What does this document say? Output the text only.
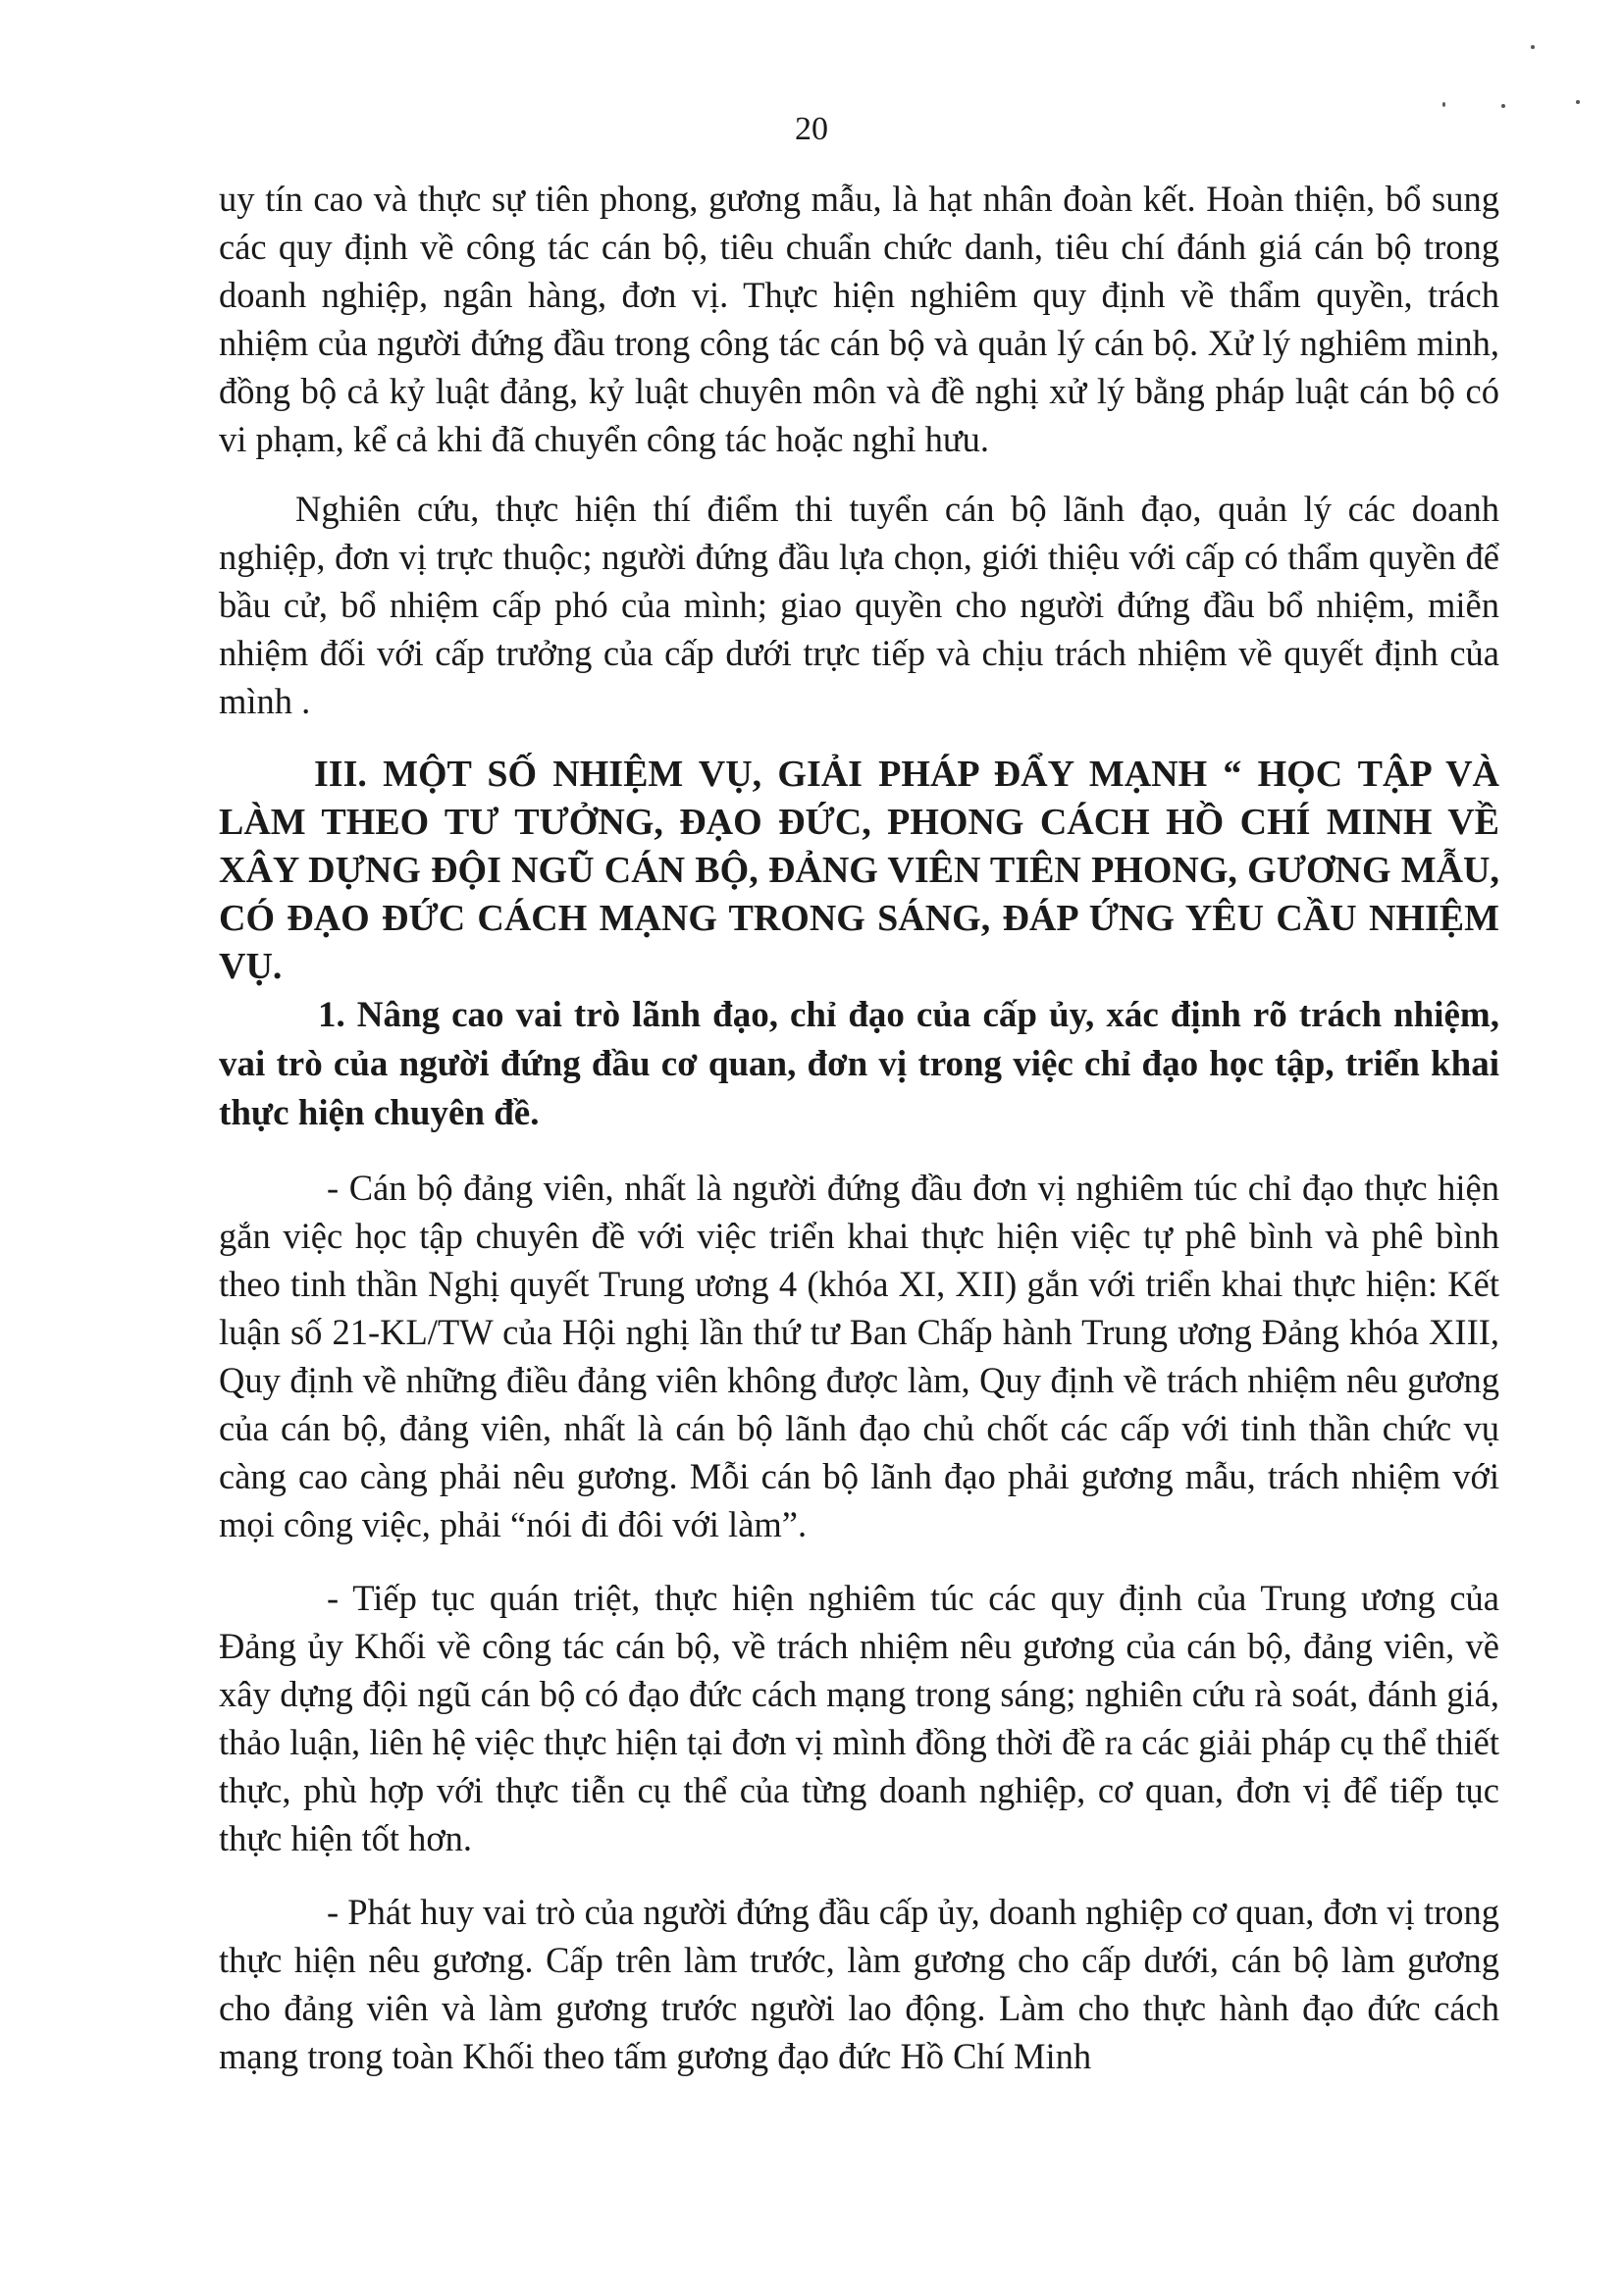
20

uy tín cao và thực sự tiên phong, gương mẫu, là hạt nhân đoàn kết. Hoàn thiện, bổ sung các quy định về công tác cán bộ, tiêu chuẩn chức danh, tiêu chí đánh giá cán bộ trong doanh nghiệp, ngân hàng, đơn vị. Thực hiện nghiêm quy định về thẩm quyền, trách nhiệm của người đứng đầu trong công tác cán bộ và quản lý cán bộ. Xử lý nghiêm minh, đồng bộ cả kỷ luật đảng, kỷ luật chuyên môn và đề nghị xử lý bằng pháp luật cán bộ có vi phạm, kể cả khi đã chuyển công tác hoặc nghỉ hưu.

Nghiên cứu, thực hiện thí điểm thi tuyển cán bộ lãnh đạo, quản lý các doanh nghiệp, đơn vị trực thuộc; người đứng đầu lựa chọn, giới thiệu với cấp có thẩm quyền để bầu cử, bổ nhiệm cấp phó của mình; giao quyền cho người đứng đầu bổ nhiệm, miễn nhiệm đối với cấp trưởng của cấp dưới trực tiếp và chịu trách nhiệm về quyết định của mình .

III. MỘT SỐ NHIỆM VỤ, GIẢI PHÁP ĐẨY MẠNH “ HỌC TẬP VÀ LÀM THEO TƯ TƯỞNG, ĐẠO ĐỨC, PHONG CÁCH HỒ CHÍ MINH VỀ XÂY DỰNG ĐỘI NGŨ CÁN BỘ, ĐẢNG VIÊN TIÊN PHONG, GƯƠNG MẪU, CÓ ĐẠO ĐỨC CÁCH MẠNG TRONG SÁNG, ĐÁP ỨNG YÊU CẦU NHIỆM VỤ.

1. Nâng cao vai trò lãnh đạo, chỉ đạo của cấp ủy, xác định rõ trách nhiệm, vai trò của người đứng đầu cơ quan, đơn vị trong việc chỉ đạo học tập, triển khai thực hiện chuyên đề.

- Cán bộ đảng viên, nhất là người đứng đầu đơn vị nghiêm túc chỉ đạo thực hiện gắn việc học tập chuyên đề với việc triển khai thực hiện việc tự phê bình và phê bình theo tinh thần Nghị quyết Trung ương 4 (khóa XI, XII) gắn với triển khai thực hiện: Kết luận số 21-KL/TW của Hội nghị lần thứ tư Ban Chấp hành Trung ương Đảng khóa XIII, Quy định về những điều đảng viên không được làm, Quy định về trách nhiệm nêu gương của cán bộ, đảng viên, nhất là cán bộ lãnh đạo chủ chốt các cấp với tinh thần chức vụ càng cao càng phải nêu gương. Mỗi cán bộ lãnh đạo phải gương mẫu, trách nhiệm với mọi công việc, phải “nói đi đôi với làm”.

- Tiếp tục quán triệt, thực hiện nghiêm túc các quy định của Trung ương của Đảng ủy Khối về công tác cán bộ, về trách nhiệm nêu gương của cán bộ, đảng viên, về xây dựng đội ngũ cán bộ có đạo đức cách mạng trong sáng; nghiên cứu rà soát, đánh giá, thảo luận, liên hệ việc thực hiện tại đơn vị mình đồng thời đề ra các giải pháp cụ thể thiết thực, phù hợp với thực tiễn cụ thể của từng doanh nghiệp, cơ quan, đơn vị để tiếp tục thực hiện tốt hơn.

- Phát huy vai trò của người đứng đầu cấp ủy, doanh nghiệp cơ quan, đơn vị trong thực hiện nêu gương. Cấp trên làm trước, làm gương cho cấp dưới, cán bộ làm gương cho đảng viên và làm gương trước người lao động. Làm cho thực hành đạo đức cách mạng trong toàn Khối theo tấm gương đạo đức Hồ Chí Minh
